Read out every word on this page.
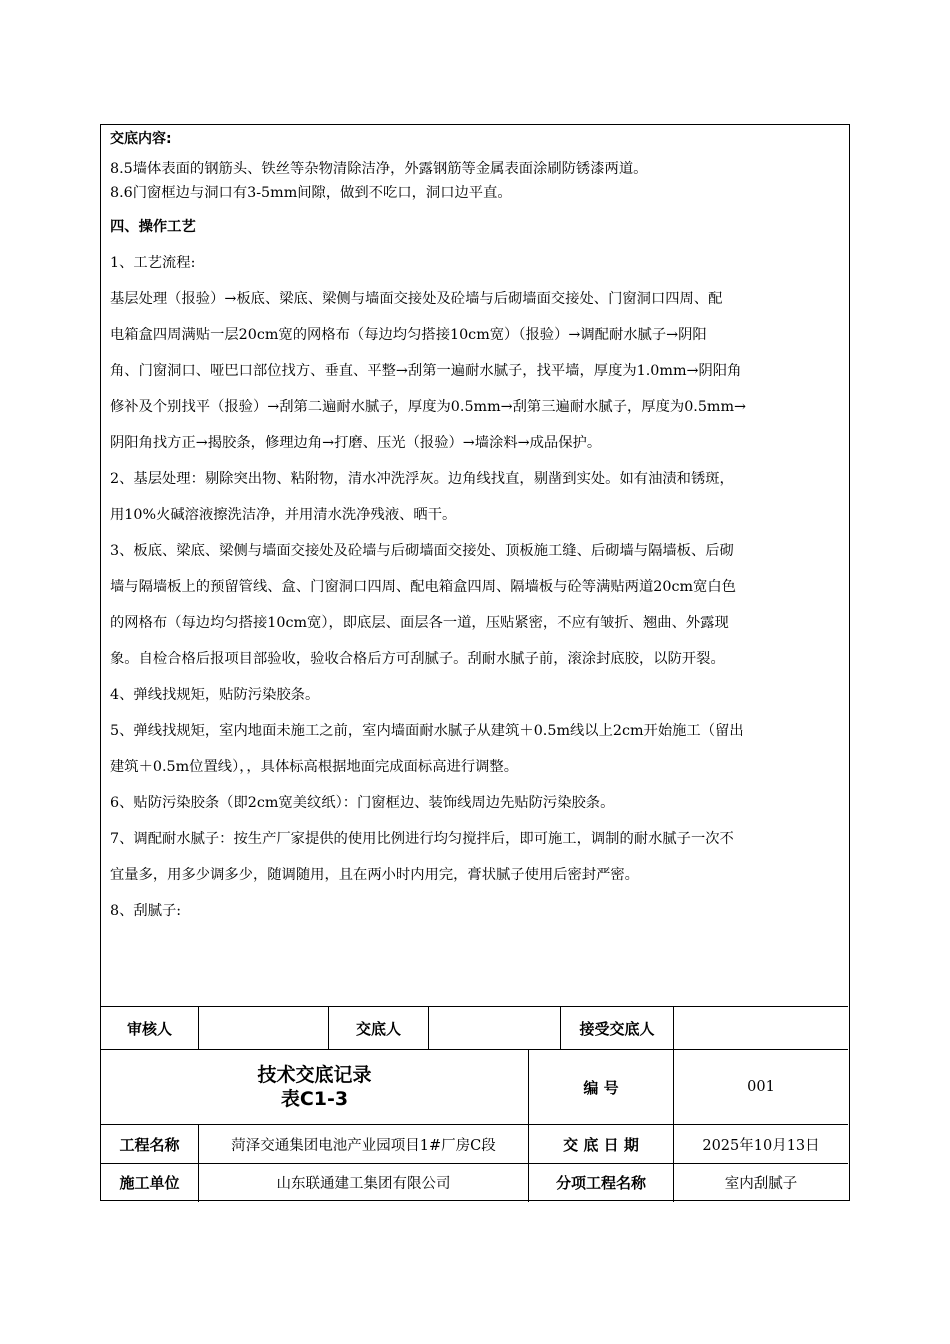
交底内容:
8.5墙体表面的钢筋头、铁丝等杂物清除洁净，外露钢筋等金属表面涂刷防锈漆两道。
8.6门窗框边与洞口有3-5mm间隙，做到不吃口，洞口边平直。
四、操作工艺
1、工艺流程:
基层处理（报验）→板底、梁底、梁侧与墙面交接处及砼墙与后砌墙面交接处、门窗洞口四周、配
电箱盒四周满贴一层20cm宽的网格布（每边均匀搭接10cm宽）（报验）→调配耐水腻子→阴阳
角、门窗洞口、哑巴口部位找方、垂直、平整→刮第一遍耐水腻子，找平墙，厚度为1.0mm→阴阳角
修补及个别找平（报验）→刮第二遍耐水腻子，厚度为0.5mm→刮第三遍耐水腻子，厚度为0.5mm→
阴阳角找方正→揭胶条，修理边角→打磨、压光（报验）→墙涂料→成品保护。
2、基层处理：剔除突出物、粘附物，清水冲洗浮灰。边角线找直，剔凿到实处。如有油渍和锈斑，
用10%火碱溶液擦洗洁净，并用清水洗净残液、晒干。
3、板底、梁底、梁侧与墙面交接处及砼墙与后砌墙面交接处、顶板施工缝、后砌墙与隔墙板、后砌
墙与隔墙板上的预留管线、盒、门窗洞口四周、配电箱盒四周、隔墙板与砼等满贴两道20cm宽白色
的网格布（每边均匀搭接10cm宽），即底层、面层各一道，压贴紧密，不应有皱折、翘曲、外露现
象。自检合格后报项目部验收，验收合格后方可刮腻子。刮耐水腻子前，滚涂封底胶，以防开裂。
4、弹线找规矩，贴防污染胶条。
5、弹线找规矩，室内地面未施工之前，室内墙面耐水腻子从建筑＋0.5m线以上2cm开始施工（留出
建筑＋0.5m位置线），，具体标高根据地面完成面标高进行调整。
6、贴防污染胶条（即2cm宽美纹纸）：门窗框边、装饰线周边先贴防污染胶条。
7、调配耐水腻子：按生产厂家提供的使用比例进行均匀搅拌后，即可施工，调制的耐水腻子一次不
宜量多，用多少调多少，随调随用，且在两小时内用完，膏状腻子使用后密封严密。
8、刮腻子:
审核人	交底人	接受交底人
技术交底记录
表C1-3
编 号	001
工程名称	菏泽交通集团电池产业园项目1#厂房C段	交 底 日 期	2025年10月13日
施工单位	山东联通建工集团有限公司	分项工程名称	室内刮腻子
